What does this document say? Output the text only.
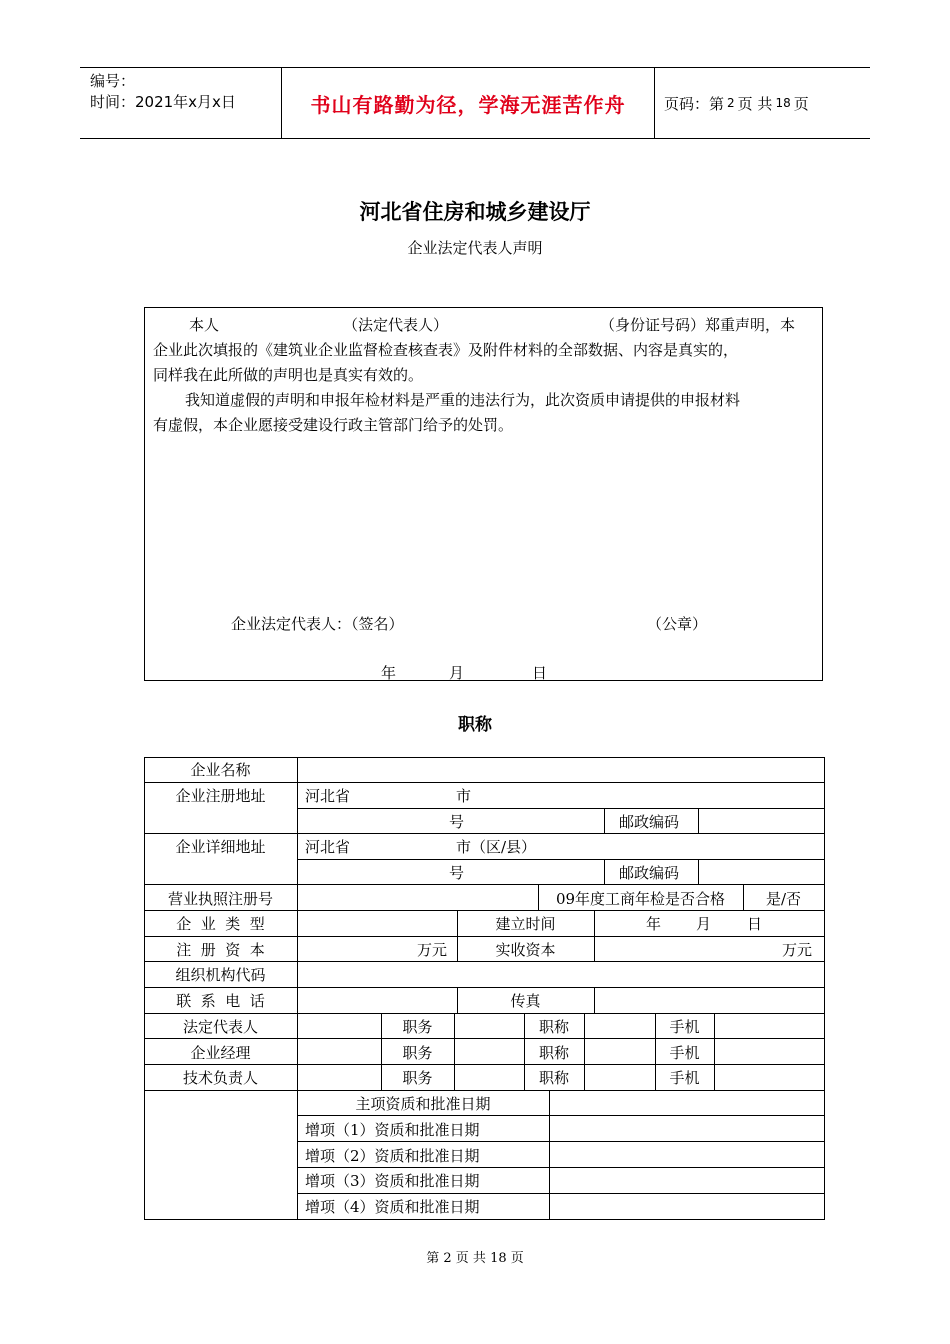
编号：
时间：2021年x月x日	书山有路勤为径，学海无涯苦作舟	页码：第 2 页 共 18 页
河北省住房和城乡建设厅
企业法定代表人声明
本人	（法定代表人）	（身份证号码）郑重声明，本
企业此次填报的《建筑业企业监督检查核查表》及附件材料的全部数据、内容是真实的，
同样我在此所做的声明也是真实有效的。
我知道虚假的声明和申报年检材料是严重的违法行为，此次资质申请提供的申报材料
有虚假，本企业愿接受建设行政主管部门给予的处罚。
企业法定代表人：（签名）	（公章）
年	月	日
职称
企业名称
企业注册地址	河北省	市
号	邮政编码
企业详细地址	河北省	市（区/县）
号	邮政编码
营业执照注册号	09年度工商年检是否合格	是/否
企  业  类  型	建立时间	年 月 日
注  册  资  本	万元	实收资本	万元
组织机构代码
联  系  电  话	传真
法定代表人	职务	职称	手机
企业经理	职务	职称	手机
技术负责人	职务	职称	手机
主项资质和批准日期
增项（1）资质和批准日期
增项（2）资质和批准日期
增项（3）资质和批准日期
增项（4）资质和批准日期
第 2 页 共 18 页
